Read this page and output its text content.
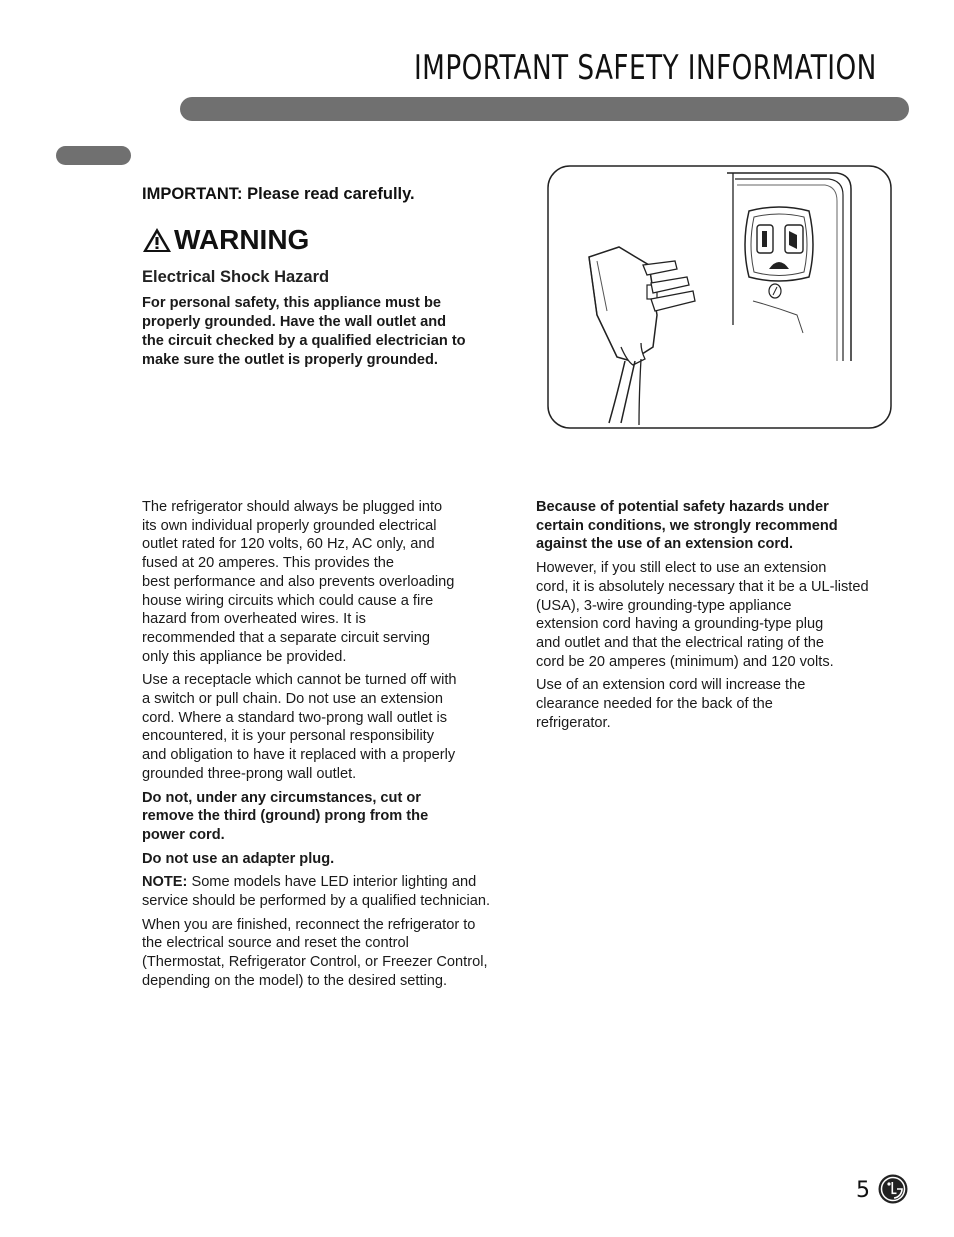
IMPORTANT SAFETY INFORMATION
IMPORTANT: Please read carefully.
WARNING
Electrical Shock Hazard
For personal safety, this appliance must be
properly grounded. Have the wall outlet and
the circuit checked by a qualified electrician to
make sure the outlet is properly grounded.

The refrigerator should always be plugged into
its own individual properly grounded electrical
outlet rated for 120 volts, 60 Hz, AC only, and
fused at 20 amperes. This provides the
best performance and also prevents overloading
house wiring circuits which could cause a fire
hazard from overheated wires. It is
recommended that a separate circuit serving
only this appliance be provided.

Use a receptacle which cannot be turned off with
a switch or pull chain. Do not use an extension
cord. Where a standard two-prong wall outlet is
encountered, it is your personal responsibility
and obligation to have it replaced with a properly
grounded three-prong wall outlet.

Do not, under any circumstances, cut or
remove the third (ground) prong from the
power cord.

Do not use an adapter plug.

NOTE: Some models have LED interior lighting and
service should be performed by a qualified technician.

When you are finished, reconnect the refrigerator to
the electrical source and reset the control
(Thermostat, Refrigerator Control, or Freezer Control,
depending on the model) to the desired setting.

Because of potential safety hazards under
certain conditions, we strongly recommend
against the use of an extension cord.

However, if you still elect to use an extension
cord, it is absolutely necessary that it be a UL-listed
(USA), 3-wire grounding-type appliance
extension cord having a grounding-type plug
and outlet and that the electrical rating of the
cord be 20 amperes (minimum) and 120 volts.

Use of an extension cord will increase the
clearance needed for the back of the
refrigerator.

5
